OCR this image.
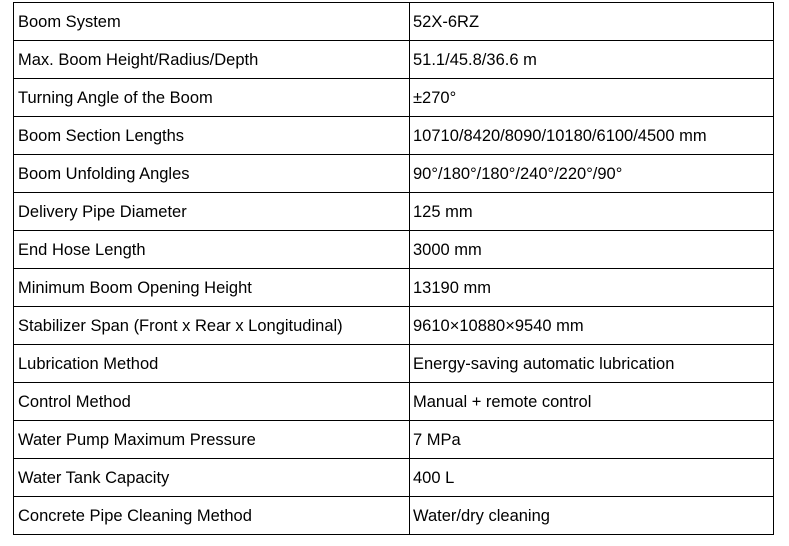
Boom System	52X-6RZ
Max. Boom Height/Radius/Depth	51.1/45.8/36.6 m
Turning Angle of the Boom	±270°
Boom Section Lengths	10710/8420/8090/10180/6100/4500 mm
Boom Unfolding Angles	90°/180°/180°/240°/220°/90°
Delivery Pipe Diameter	125 mm
End Hose Length	3000 mm
Minimum Boom Opening Height	13190 mm
Stabilizer Span (Front x Rear x Longitudinal)	9610×10880×9540 mm
Lubrication Method	Energy-saving automatic lubrication
Control Method	Manual + remote control
Water Pump Maximum Pressure	7 MPa
Water Tank Capacity	400 L
Concrete Pipe Cleaning Method	Water/dry cleaning
